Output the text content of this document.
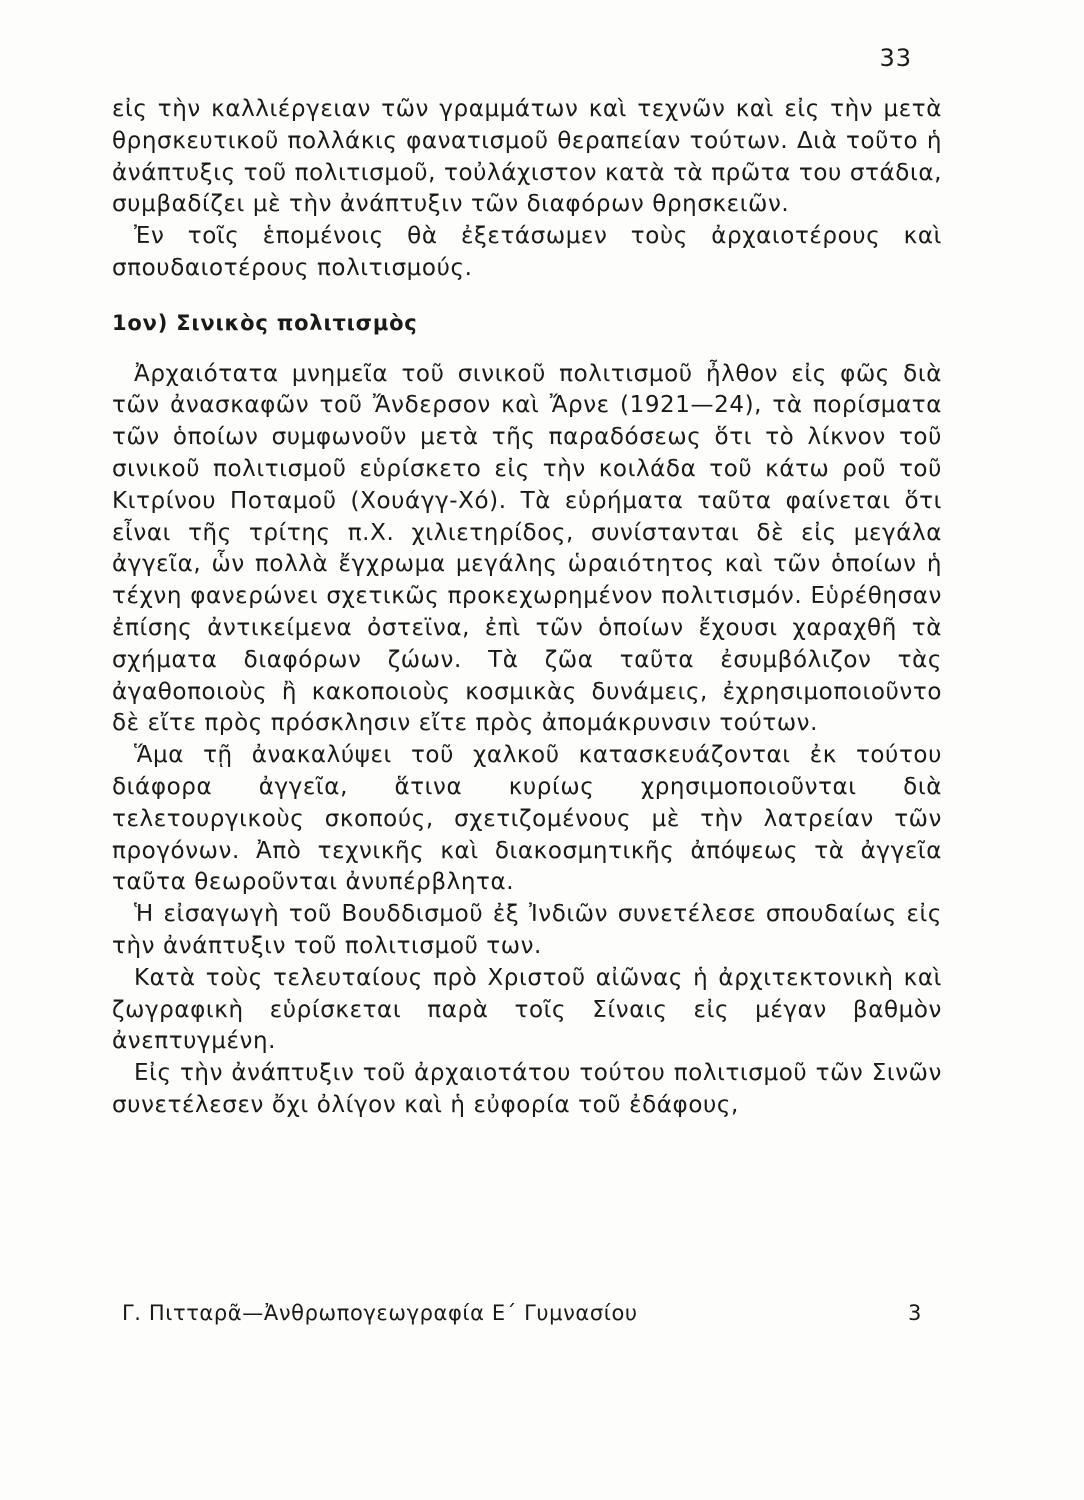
33

εἰς τὴν καλλιέργειαν τῶν γραμμάτων καὶ τεχνῶν καὶ εἰς τὴν μετὰ θρησκευτικοῦ πολλάκις φανατισμοῦ θεραπείαν τούτων. Διὰ τοῦτο ἡ ἀνάπτυξις τοῦ πολιτισμοῦ, τοὐλάχιστον κατὰ τὰ πρῶτα του στάδια, συμβαδίζει μὲ τὴν ἀνάπτυξιν τῶν διαφόρων θρησκειῶν.

Ἐν τοῖς ἑπομένοις θὰ ἐξετάσωμεν τοὺς ἀρχαιοτέρους καὶ σπουδαιοτέρους πολιτισμούς.

1ον) Σινικὸς πολιτισμὸς

Ἀρχαιότατα μνημεῖα τοῦ σινικοῦ πολιτισμοῦ ἦλθον εἰς φῶς διὰ τῶν ἀνασκαφῶν τοῦ Ἄνδερσον καὶ Ἄρνε (1921—24), τὰ πορίσματα τῶν ὁποίων συμφωνοῦν μετὰ τῆς παραδόσεως ὅτι τὸ λίκνον τοῦ σινικοῦ πολιτισμοῦ εὑρίσκετο εἰς τὴν κοιλάδα τοῦ κάτω ροῦ τοῦ Κιτρίνου Ποταμοῦ (Χουάγγ-Χό). Τὰ εὑρήματα ταῦτα φαίνεται ὅτι εἶναι τῆς τρίτης π.Χ. χιλιετηρίδος, συνίστανται δὲ εἰς μεγάλα ἀγγεῖα, ὧν πολλὰ ἔγχρωμα μεγάλης ὡραιότητος καὶ τῶν ὁποίων ἡ τέχνη φανερώνει σχετικῶς προκεχωρημένον πολιτισμόν. Εὑρέθησαν ἐπίσης ἀντικείμενα ὀστεϊνα, ἐπὶ τῶν ὁποίων ἔχουσι χαραχθῆ τὰ σχήματα διαφόρων ζώων. Τὰ ζῶα ταῦτα ἐσυμβόλιζον τὰς ἀγαθοποιοὺς ἢ κακοποιοὺς κοσμικὰς δυνάμεις, ἐχρησιμοποιοῦντο δὲ εἴτε πρὸς πρόσκλησιν εἴτε πρὸς ἀπομάκρυνσιν τούτων.

Ἅμα τῇ ἀνακαλύψει τοῦ χαλκοῦ κατασκευάζονται ἐκ τούτου διάφορα ἀγγεῖα, ἅτινα κυρίως χρησιμοποιοῦνται διὰ τελετουργικοὺς σκοπούς, σχετιζομένους μὲ τὴν λατρείαν τῶν προγόνων. Ἀπὸ τεχνικῆς καὶ διακοσμητικῆς ἀπόψεως τὰ ἀγγεῖα ταῦτα θεωροῦνται ἀνυπέρβλητα.

Ἡ εἰσαγωγὴ τοῦ Βουδδισμοῦ ἐξ Ἰνδιῶν συνετέλεσε σπουδαίως εἰς τὴν ἀνάπτυξιν τοῦ πολιτισμοῦ των.

Κατὰ τοὺς τελευταίους πρὸ Χριστοῦ αἰῶνας ἡ ἀρχιτεκτονικὴ καὶ ζωγραφικὴ εὑρίσκεται παρὰ τοῖς Σίναις εἰς μέγαν βαθμὸν ἀνεπτυγμένη.

Εἰς τὴν ἀνάπτυξιν τοῦ ἀρχαιοτάτου τούτου πολιτισμοῦ τῶν Σινῶν συνετέλεσεν ὄχι ὀλίγον καὶ ἡ εὐφορία τοῦ ἐδάφους,

Γ. Πιτταρᾶ—Ἀνθρωπογεωγραφία Ε΄ Γυμνασίου	3
